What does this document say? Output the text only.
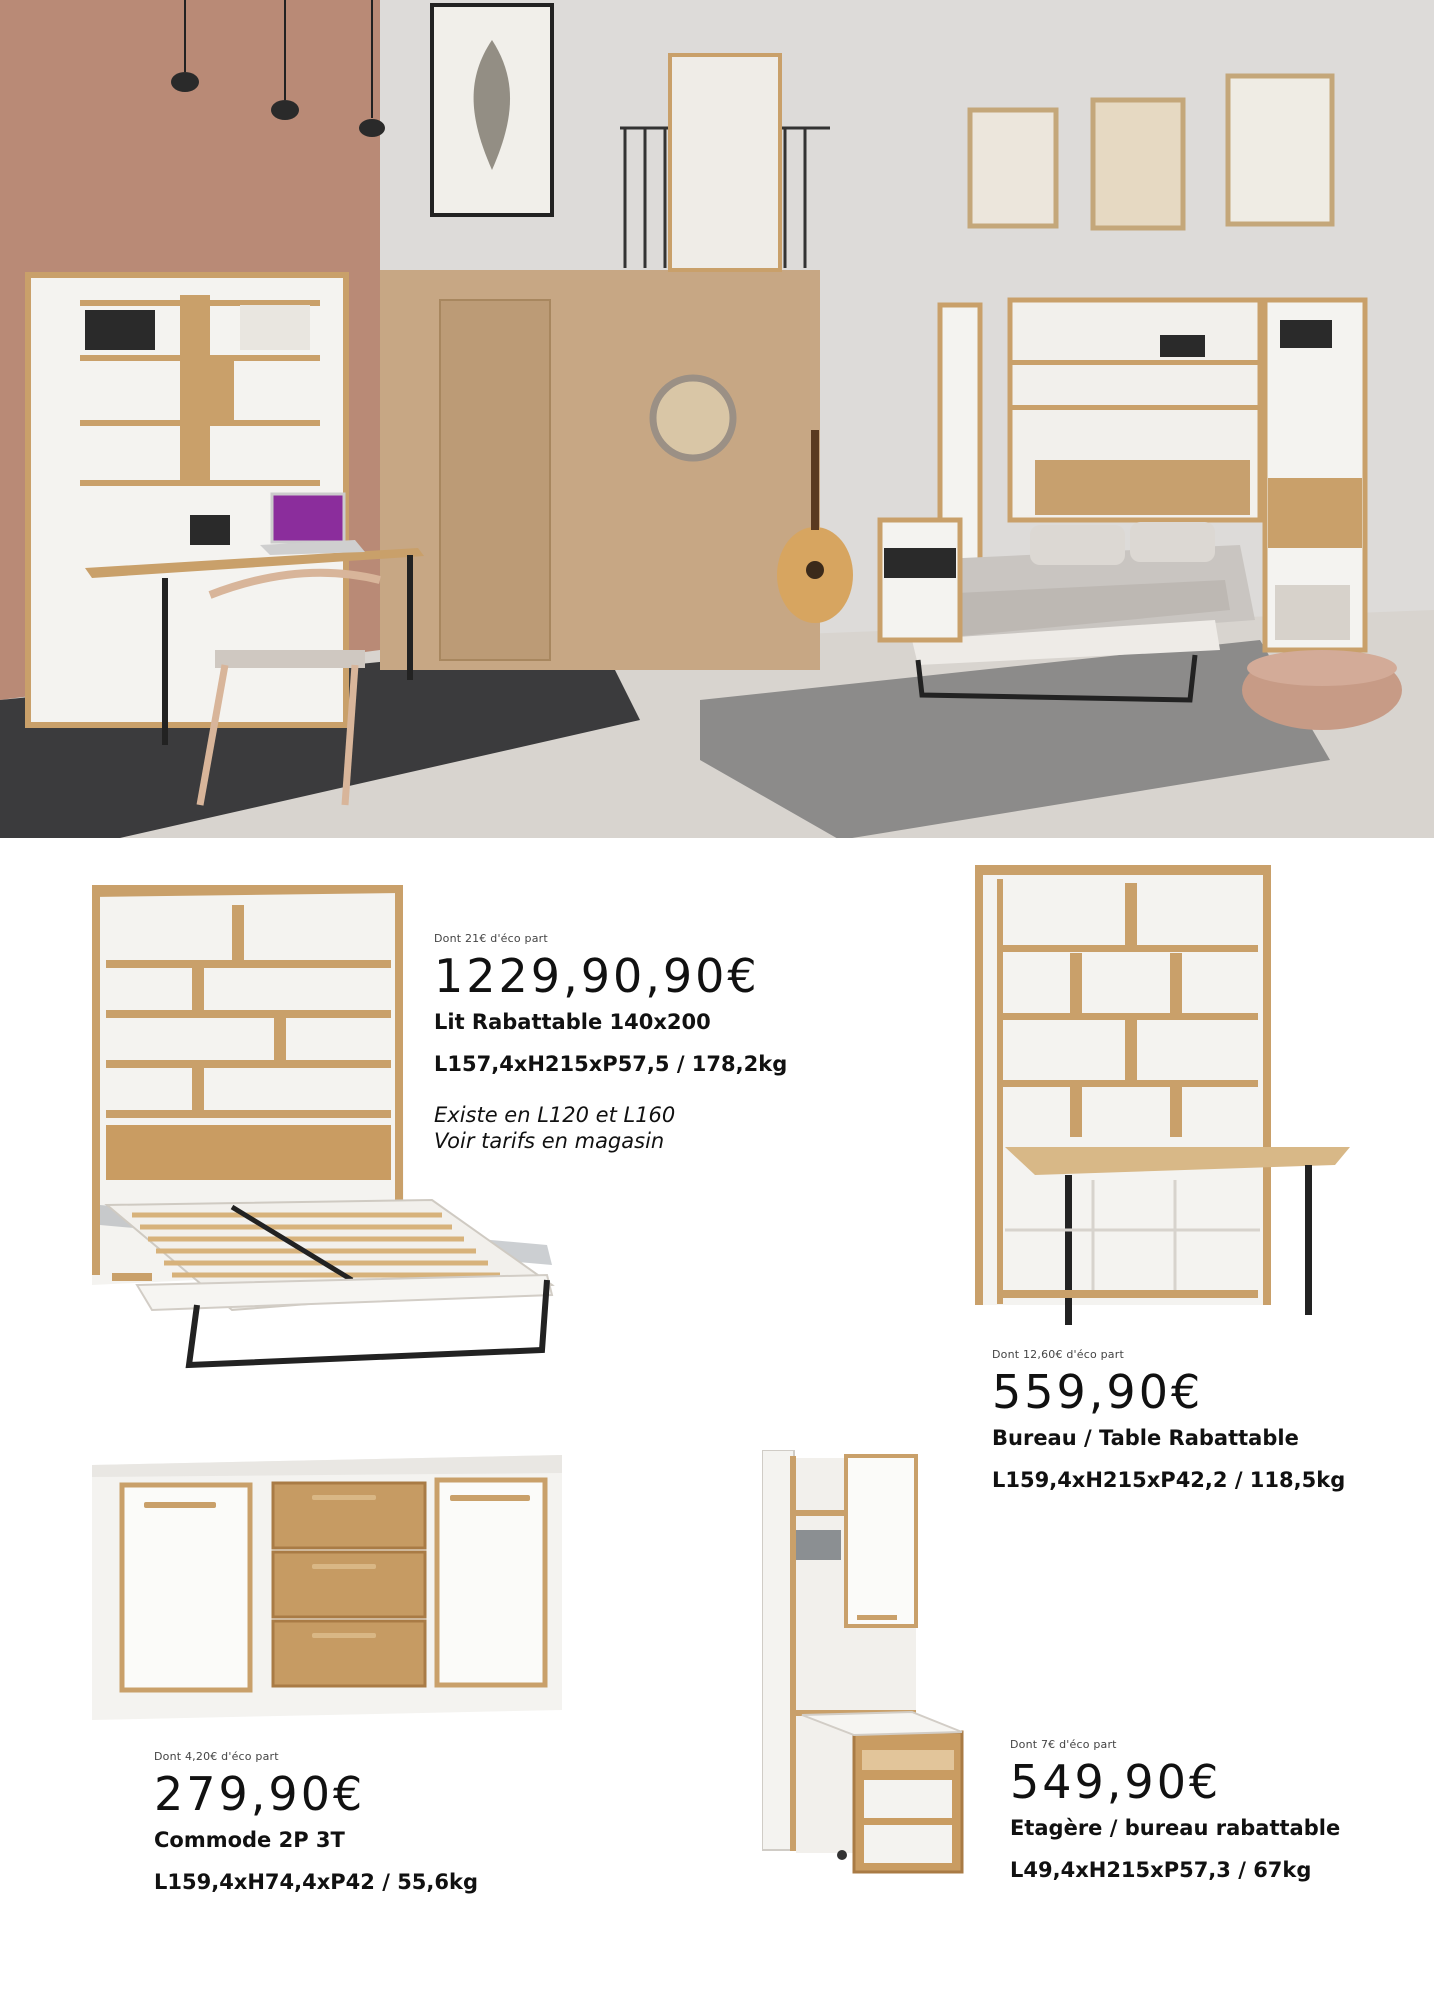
Dont 21€ d'éco part
1229,90,90€
Lit Rabattable 140x200
L157,4xH215xP57,5 / 178,2kg
Existe en L120 et L160
Voir tarifs en magasin
Dont 12,60€ d'éco part
559,90€
Bureau / Table Rabattable
L159,4xH215xP42,2 / 118,5kg
Dont 4,20€ d'éco part
279,90€
Commode 2P 3T
L159,4xH74,4xP42 / 55,6kg
Dont 7€ d'éco part
549,90€
Etagère / bureau rabattable
L49,4xH215xP57,3 / 67kg
